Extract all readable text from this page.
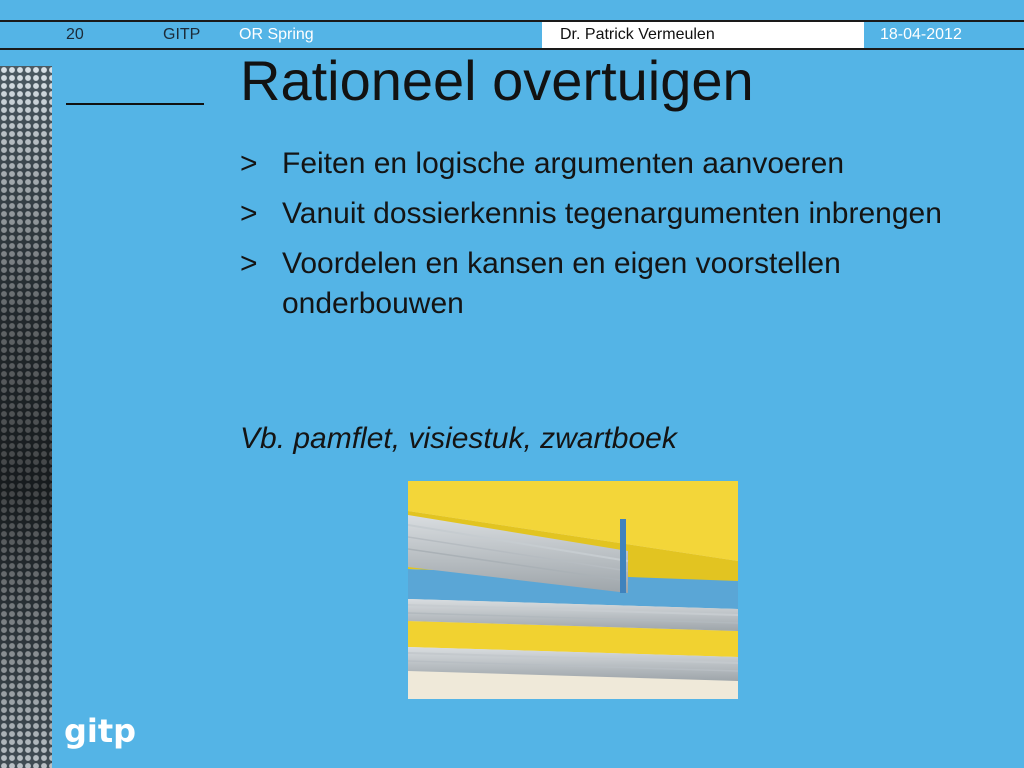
20	GITP OR Spring	Dr. Patrick Vermeulen	18-04-2012
Rationeel overtuigen
> Feiten en logische argumenten aanvoeren
> Vanuit dossierkennis tegenargumenten inbrengen
> Voordelen en kansen en eigen voorstellen onderbouwen

Vb. pamflet, visiestuk, zwartboek

gitp
